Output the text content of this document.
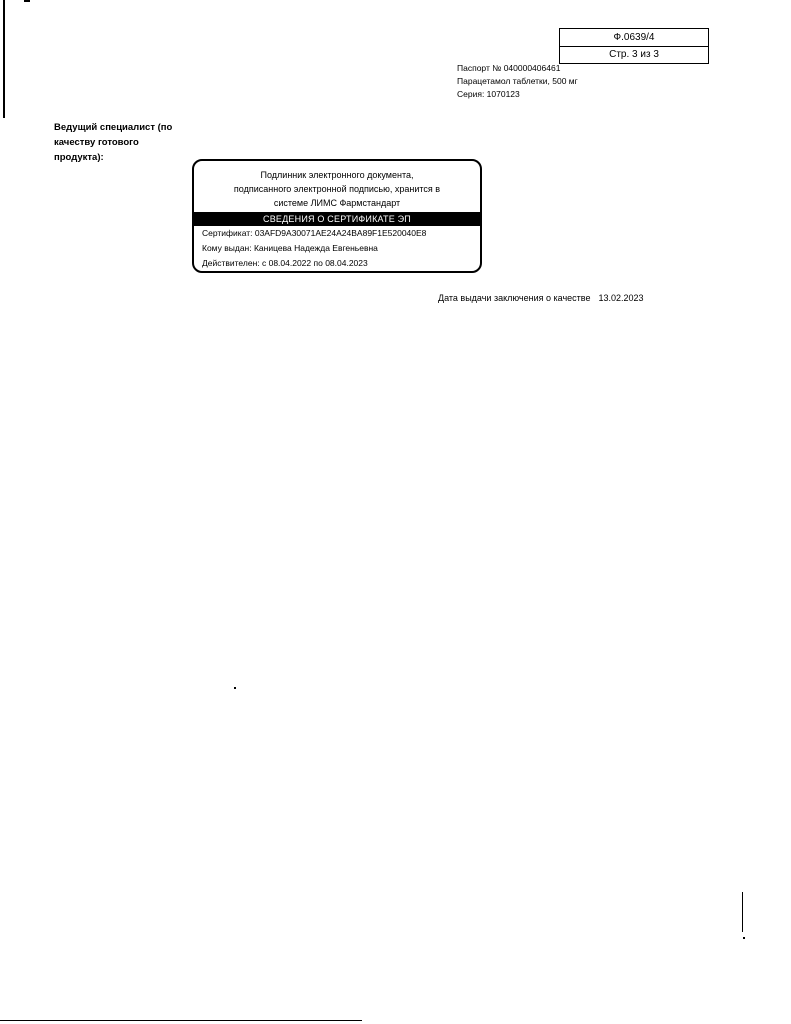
Ф.0639/4
Стр. 3 из 3
Паспорт № 040000406461
Парацетамол таблетки, 500 мг
Серия: 1070123
Ведущий специалист (по качеству готового продукта):
Подлинник электронного документа,
подписанного электронной подписью, хранится в
системе ЛИМС Фармстандарт
СВЕДЕНИЯ О СЕРТИФИКАТЕ ЭП
Сертификат: 03AFD9A30071AE24A24BA89F1E520040E8
Кому выдан: Каницева Надежда Евгеньевна
Действителен: с 08.04.2022 по 08.04.2023
Дата выдачи заключения о качестве 13.02.2023
